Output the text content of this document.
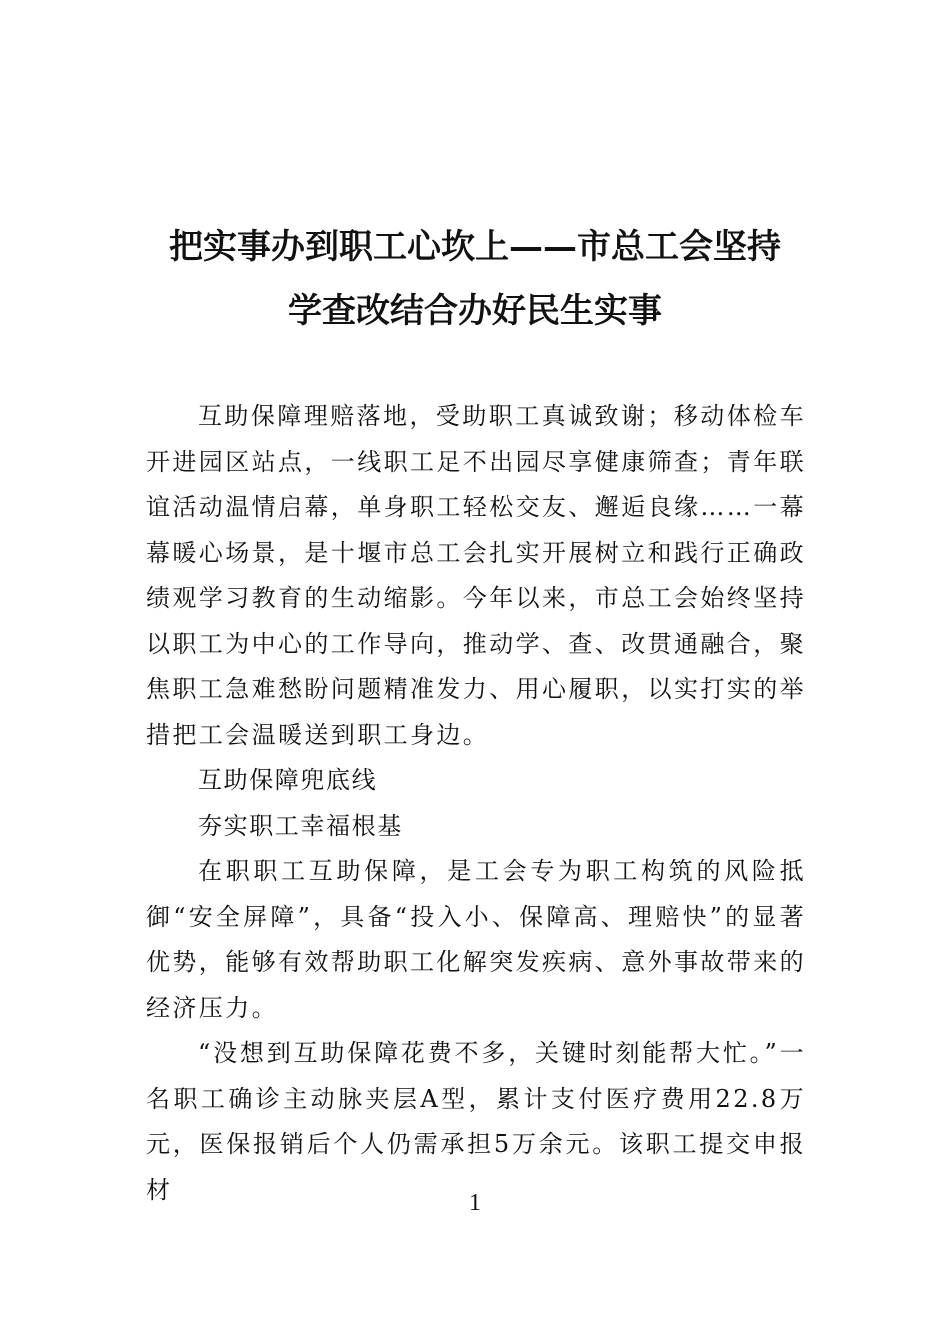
把实事办到职工心坎上——市总工会坚持
学查改结合办好民生实事

互助保障理赔落地，受助职工真诚致谢；移动体检车开进园区站点，一线职工足不出园尽享健康筛查；青年联谊活动温情启幕，单身职工轻松交友、邂逅良缘……一幕幕暖心场景，是十堰市总工会扎实开展树立和践行正确政绩观学习教育的生动缩影。今年以来，市总工会始终坚持以职工为中心的工作导向，推动学、查、改贯通融合，聚焦职工急难愁盼问题精准发力、用心履职，以实打实的举措把工会温暖送到职工身边。

互助保障兜底线

夯实职工幸福根基

在职职工互助保障，是工会专为职工构筑的风险抵御“安全屏障”，具备“投入小、保障高、理赔快”的显著优势，能够有效帮助职工化解突发疾病、意外事故带来的经济压力。

“没想到互助保障花费不多，关键时刻能帮大忙。”一名职工确诊主动脉夹层A型，累计支付医疗费用22.8万元，医保报销后个人仍需承担5万余元。该职工提交申报材	1
